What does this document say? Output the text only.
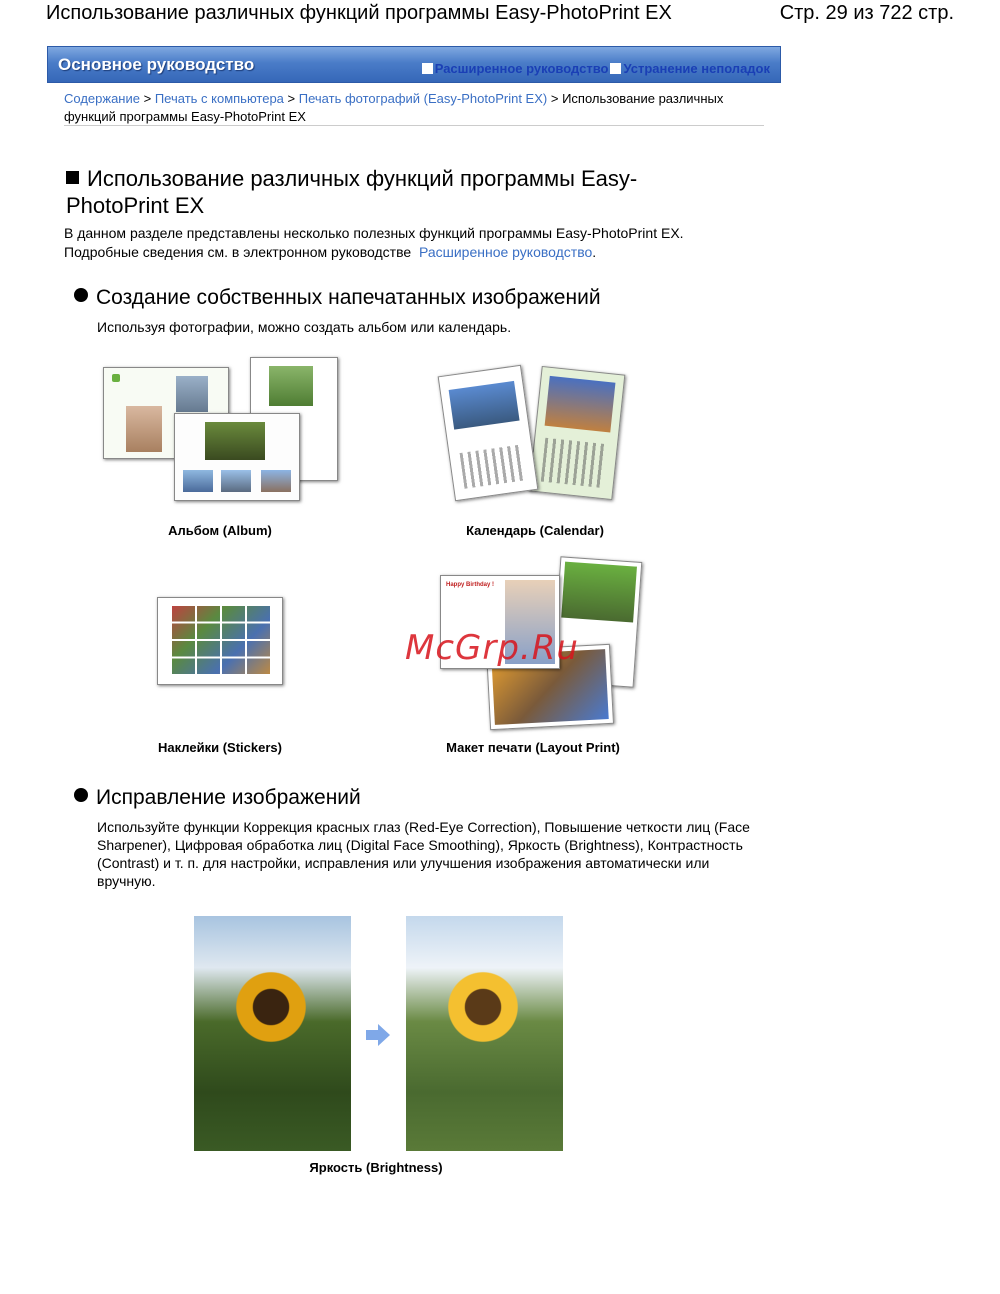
Использование различных функций программы Easy-PhotoPrint EX	Стр. 29 из 722 стр.
Основное руководство	Расширенное руководство Устранение неполадок
Содержание > Печать с компьютера > Печать фотографий (Easy-PhotoPrint EX) > Использование различных функций программы Easy-PhotoPrint EX
Использование различных функций программы Easy-PhotoPrint EX
В данном разделе представлены несколько полезных функций программы Easy-PhotoPrint EX.
Подробные сведения см. в электронном руководстве Расширенное руководство.
Создание собственных напечатанных изображений
Используя фотографии, можно создать альбом или календарь.
Альбом (Album)	Календарь (Calendar)
Наклейки (Stickers)
Happy Birthday !
Макет печати (Layout Print)
McGrp.Ru
Исправление изображений
Используйте функции Коррекция красных глаз (Red-Eye Correction), Повышение четкости лиц (Face Sharpener), Цифровая обработка лиц (Digital Face Smoothing), Яркость (Brightness), Контрастность (Contrast) и т. п. для настройки, исправления или улучшения изображения автоматически или вручную.
Яркость (Brightness)
